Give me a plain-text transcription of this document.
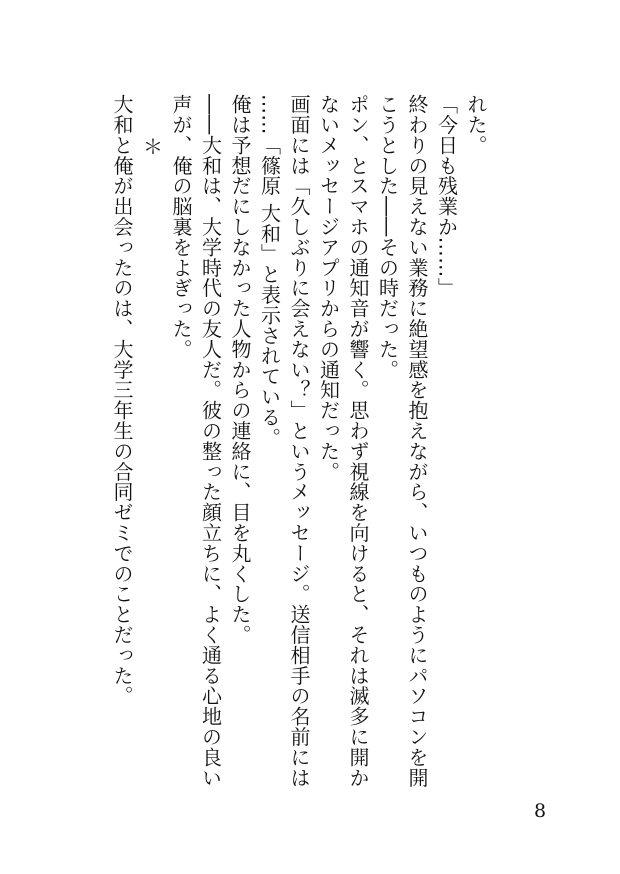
れた。

「今日も残業か……」

終わりの見えない業務に絶望感を抱えながら、いつものようにパソコンを開

こうとした――その時だった。

ポン、とスマホの通知音が響く。思わず視線を向けると、それは滅多に開か

ないメッセージアプリからの通知だった。

画面には「久しぶりに会えない？」というメッセージ。送信相手の名前には

……「篠原 大和」と表示されている。

俺は予想だにしなかった人物からの連絡に、目を丸くした。

――大和は、大学時代の友人だ。彼の整った顔立ちに、よく通る心地の良い

声が、俺の脳裏をよぎった。

＊

大和と俺が出会ったのは、大学三年生の合同ゼミでのことだった。

8
